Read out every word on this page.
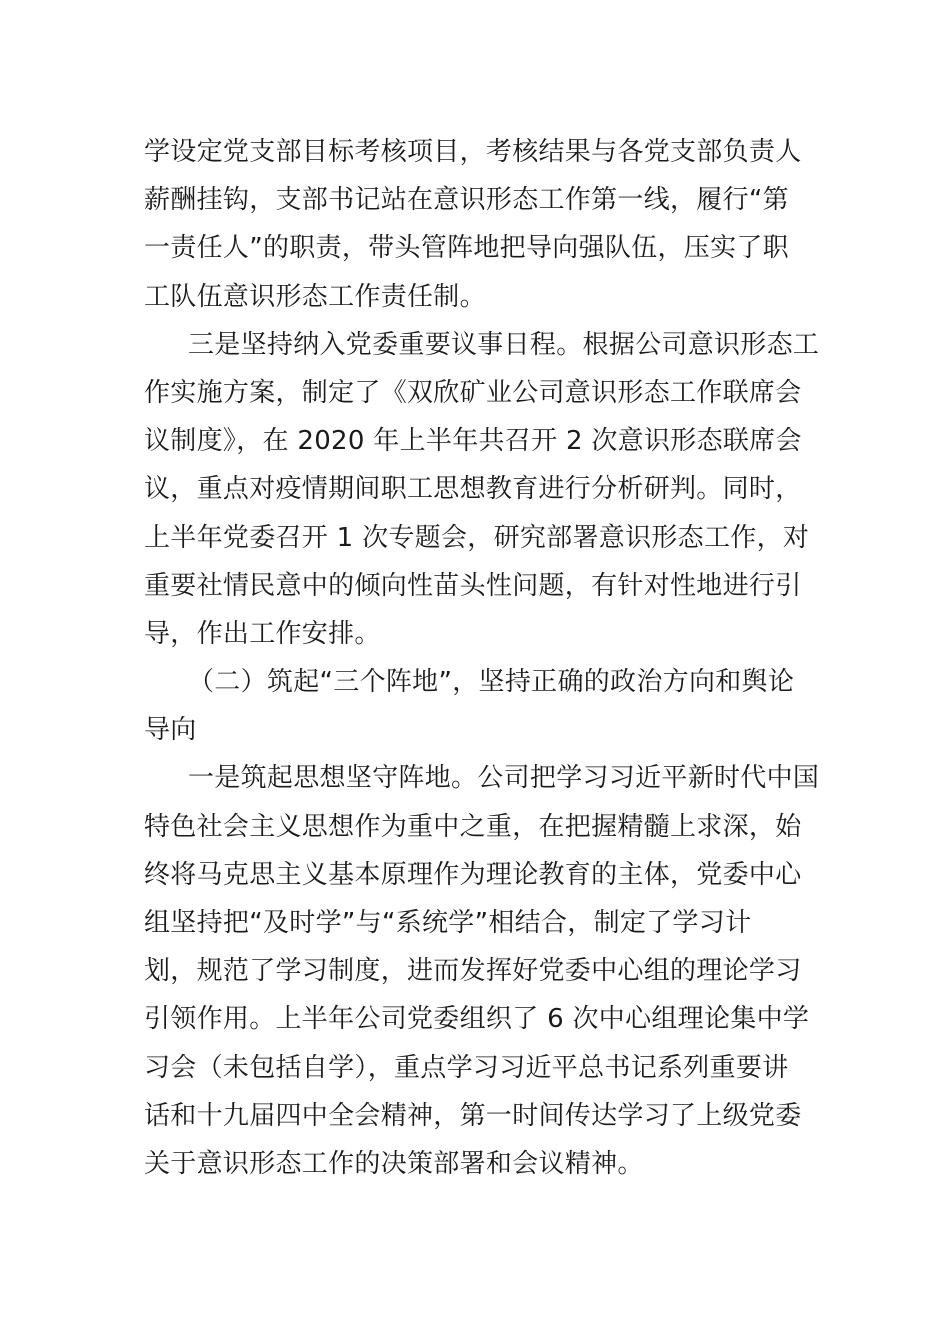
学设定党支部目标考核项目，考核结果与各党支部负责人
薪酬挂钩，支部书记站在意识形态工作第一线，履行“第
一责任人”的职责，带头管阵地把导向强队伍，压实了职
工队伍意识形态工作责任制。
三是坚持纳入党委重要议事日程。根据公司意识形态工
作实施方案，制定了《双欣矿业公司意识形态工作联席会
议制度》，在 2020 年上半年共召开 2 次意识形态联席会
议，重点对疫情期间职工思想教育进行分析研判。同时，
上半年党委召开 1 次专题会，研究部署意识形态工作，对
重要社情民意中的倾向性苗头性问题，有针对性地进行引
导，作出工作安排。
（二）筑起“三个阵地”，坚持正确的政治方向和舆论
导向
一是筑起思想坚守阵地。公司把学习习近平新时代中国
特色社会主义思想作为重中之重，在把握精髓上求深，始
终将马克思主义基本原理作为理论教育的主体，党委中心
组坚持把“及时学”与“系统学”相结合，制定了学习计
划，规范了学习制度，进而发挥好党委中心组的理论学习
引领作用。上半年公司党委组织了 6 次中心组理论集中学
习会（未包括自学），重点学习习近平总书记系列重要讲
话和十九届四中全会精神，第一时间传达学习了上级党委
关于意识形态工作的决策部署和会议精神。
